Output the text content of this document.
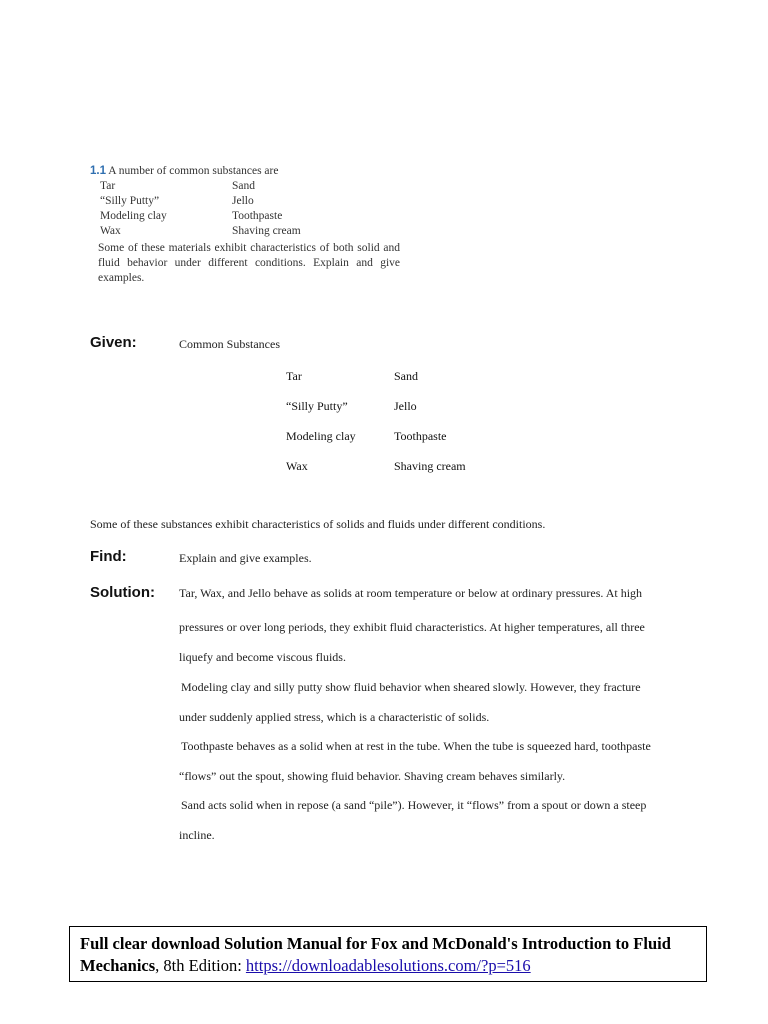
1.1 A number of common substances are
Tar	Sand
“Silly Putty”	Jello
Modeling clay	Toothpaste
Wax	Shaving cream
Some of these materials exhibit characteristics of both solid and fluid behavior under different conditions. Explain and give examples.
Given:	Common Substances
Tar	Sand
“Silly Putty”	Jello
Modeling clay	Toothpaste
Wax	Shaving cream
Some of these substances exhibit characteristics of solids and fluids under different conditions.
Find:	Explain and give examples.
Solution: Tar, Wax, and Jello behave as solids at room temperature or below at ordinary pressures. At high
pressures or over long periods, they exhibit fluid characteristics. At higher temperatures, all three
liquefy and become viscous fluids.
Modeling clay and silly putty show fluid behavior when sheared slowly. However, they fracture
under suddenly applied stress, which is a characteristic of solids.
Toothpaste behaves as a solid when at rest in the tube. When the tube is squeezed hard, toothpaste
“flows” out the spout, showing fluid behavior. Shaving cream behaves similarly.
Sand acts solid when in repose (a sand “pile”). However, it “flows” from a spout or down a steep
incline.
Full clear download Solution Manual for Fox and McDonald's Introduction to Fluid Mechanics, 8th Edition: https://downloadablesolutions.com/?p=516
